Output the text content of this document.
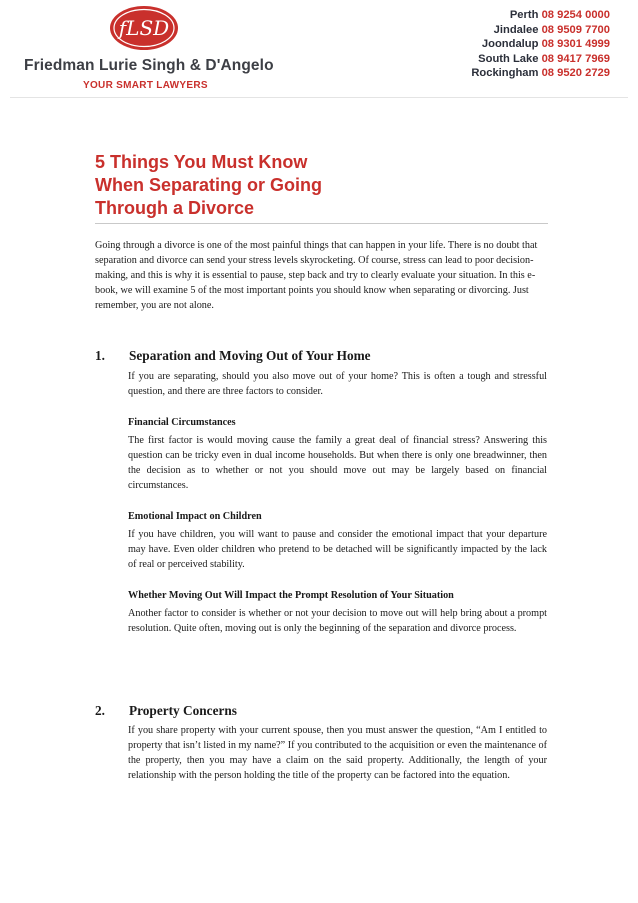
fLSD
Friedman Lurie Singh & D'Angelo
YOUR SMART LAWYERS
Perth 08 9254 0000
Jindalee 08 9509 7700
Joondalup 08 9301 4999
South Lake 08 9417 7969
Rockingham 08 9520 2729
5 Things You Must Know
When Separating or Going
Through a Divorce

Going through a divorce is one of the most painful things that can happen in your life. There is no doubt that separation and divorce can send your stress levels skyrocketing. Of course, stress can lead to poor decision-making, and this is why it is essential to pause, step back and try to clearly evaluate your situation. In this e-book, we will examine 5 of the most important points you should know when separating or divorcing. Just remember, you are not alone.

1.	Separation and Moving Out of Your Home

If you are separating, should you also move out of your home? This is often a tough and stressful question, and there are three factors to consider.

Financial Circumstances

The first factor is would moving cause the family a great deal of financial stress? Answering this question can be tricky even in dual income households. But when there is only one breadwinner, then the decision as to whether or not you should move out may be largely based on financial circumstances.

Emotional Impact on Children

If you have children, you will want to pause and consider the emotional impact that your departure may have. Even older children who pretend to be detached will be significantly impacted by the lack of real or perceived stability.

Whether Moving Out Will Impact the Prompt Resolution of Your Situation

Another factor to consider is whether or not your decision to move out will help bring about a prompt resolution. Quite often, moving out is only the beginning of the separation and divorce process.

2.	Property Concerns

If you share property with your current spouse, then you must answer the question, “Am I entitled to property that isn’t listed in my name?” If you contributed to the acquisition or even the maintenance of the property, then you may have a claim on the said property. Additionally, the length of your relationship with the person holding the title of the property can be factored into the equation.
